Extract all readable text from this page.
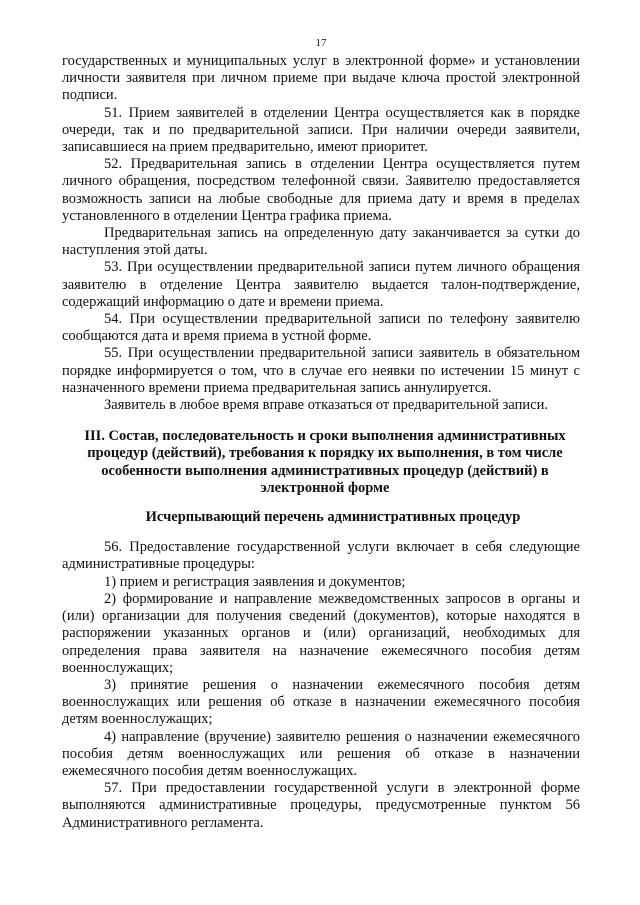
17

государственных и муниципальных услуг в электронной форме» и установлении личности заявителя при личном приеме при выдаче ключа простой электронной подписи.

51. Прием заявителей в отделении Центра осуществляется как в порядке очереди, так и по предварительной записи. При наличии очереди заявители, записавшиеся на прием предварительно, имеют приоритет.

52. Предварительная запись в отделении Центра осуществляется путем личного обращения, посредством телефонной связи. Заявителю предоставляется возможность записи на любые свободные для приема дату и время в пределах установленного в отделении Центра графика приема.

Предварительная запись на определенную дату заканчивается за сутки до наступления этой даты.

53. При осуществлении предварительной записи путем личного обращения заявителю в отделение Центра заявителю выдается талон-подтверждение, содержащий информацию о дате и времени приема.

54. При осуществлении предварительной записи по телефону заявителю сообщаются дата и время приема в устной форме.

55. При осуществлении предварительной записи заявитель в обязательном порядке информируется о том, что в случае его неявки по истечении 15 минут с назначенного времени приема предварительная запись аннулируется.

Заявитель в любое время вправе отказаться от предварительной записи.

III. Состав, последовательность и сроки выполнения административных процедур (действий), требования к порядку их выполнения, в том числе особенности выполнения административных процедур (действий) в электронной форме

Исчерпывающий перечень административных процедур

56. Предоставление государственной услуги включает в себя следующие административные процедуры:

1) прием и регистрация заявления и документов;

2) формирование и направление межведомственных запросов в органы и (или) организации для получения сведений (документов), которые находятся в распоряжении указанных органов и (или) организаций, необходимых для определения права заявителя на назначение ежемесячного пособия детям военнослужащих;

3) принятие решения о назначении ежемесячного пособия детям военнослужащих или решения об отказе в назначении ежемесячного пособия детям военнослужащих;

4) направление (вручение) заявителю решения о назначении ежемесячного пособия детям военнослужащих или решения об отказе в назначении ежемесячного пособия детям военнослужащих.

57. При предоставлении государственной услуги в электронной форме выполняются административные процедуры, предусмотренные пунктом 56 Административного регламента.
